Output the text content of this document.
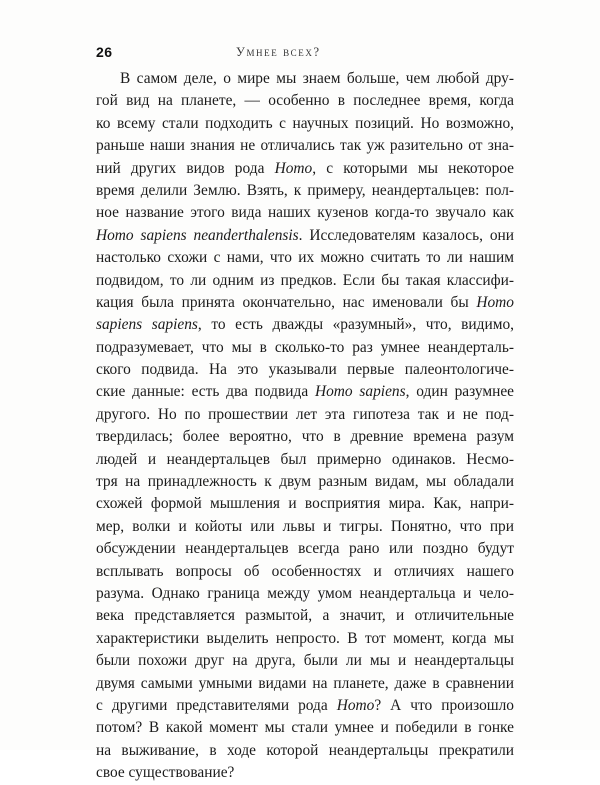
26	Умнее всех?
В самом деле, о мире мы знаем больше, чем любой дру-
гой вид на планете, — особенно в последнее время, когда
ко всему стали подходить с научных позиций. Но возможно,
раньше наши знания не отличались так уж разительно от зна-
ний других видов рода Homo, с которыми мы некоторое
время делили Землю. Взять, к примеру, неандертальцев: пол-
ное название этого вида наших кузенов когда-то звучало как
Homo sapiens neanderthalensis. Исследователям казалось, они
настолько схожи с нами, что их можно считать то ли нашим
подвидом, то ли одним из предков. Если бы такая классифи-
кация была принята окончательно, нас именовали бы Homo
sapiens sapiens, то есть дважды «разумный», что, видимо,
подразумевает, что мы в сколько-то раз умнее неандерталь-
ского подвида. На это указывали первые палеонтологиче-
ские данные: есть два подвида Homo sapiens, один разумнее
другого. Но по прошествии лет эта гипотеза так и не под-
твердилась; более вероятно, что в древние времена разум
людей и неандертальцев был примерно одинаков. Несмо-
тря на принадлежность к двум разным видам, мы обладали
схожей формой мышления и восприятия мира. Как, напри-
мер, волки и койоты или львы и тигры. Понятно, что при
обсуждении неандертальцев всегда рано или поздно будут
всплывать вопросы об особенностях и отличиях нашего
разума. Однако граница между умом неандертальца и чело-
века представляется размытой, а значит, и отличительные
характеристики выделить непросто. В тот момент, когда мы
были похожи друг на друга, были ли мы и неандертальцы
двумя самыми умными видами на планете, даже в сравнении
с другими представителями рода Homo? А что произошло
потом? В какой момент мы стали умнее и победили в гонке
на выживание, в ходе которой неандертальцы прекратили
свое существование?
